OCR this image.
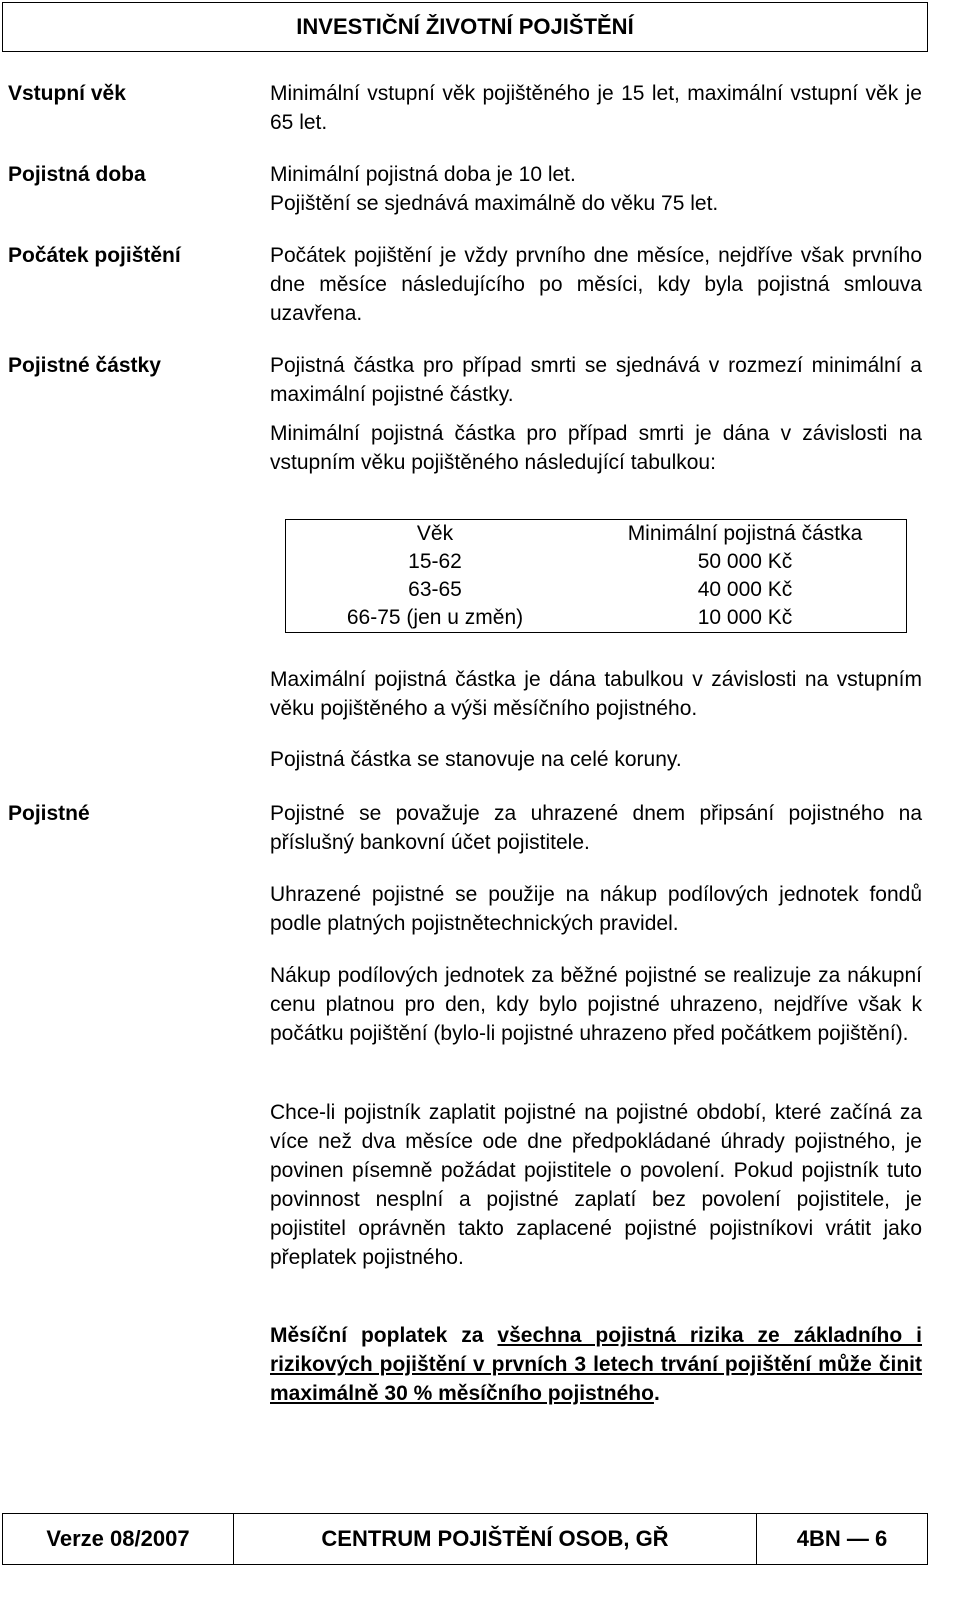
INVESTIČNÍ ŽIVOTNÍ POJIŠTĚNÍ
Vstupní věk	Minimální vstupní věk pojištěného je 15 let, maximální vstupní věk je 65 let.

Pojistná doba	Minimální pojistná doba je 10 let.

Pojištění se sjednává maximálně do věku 75 let.

Počátek pojištění	Počátek pojištění je vždy prvního dne měsíce, nejdříve však prvního dne měsíce následujícího po měsíci, kdy byla pojistná smlouva uzavřena.

Pojistné částky	Pojistná částka pro případ smrti se sjednává v rozmezí minimální a maximální pojistné částky.

Minimální pojistná částka pro případ smrti je dána v závislosti na vstupním věku pojištěného následující tabulkou:

Věk	Minimální pojistná částka
15-62	50 000 Kč
63-65	40 000 Kč
66-75 (jen u změn)	10 000 Kč

Maximální pojistná částka je dána tabulkou v závislosti na vstupním věku pojištěného a výši měsíčního pojistného.

Pojistná částka se stanovuje na celé koruny.

Pojistné	Pojistné se považuje za uhrazené dnem připsání pojistného na příslušný bankovní účet pojistitele.

Uhrazené pojistné se použije na nákup podílových jednotek fondů podle platných pojistnětechnických pravidel.

Nákup podílových jednotek za běžné pojistné se realizuje za nákupní cenu platnou pro den, kdy bylo pojistné uhrazeno, nejdříve však k počátku pojištění (bylo-li pojistné uhrazeno před počátkem pojištění).

Chce-li pojistník zaplatit pojistné na pojistné období, které začíná za více než dva měsíce ode dne předpokládané úhrady pojistného, je povinen písemně požádat pojistitele o povolení. Pokud pojistník tuto povinnost nesplní a pojistné zaplatí bez povolení pojistitele, je pojistitel oprávněn takto zaplacené pojistné pojistníkovi vrátit jako přeplatek pojistného.

Měsíční poplatek za všechna pojistná rizika ze základního i rizikových pojištění v prvních 3 letech trvání pojištění může činit maximálně 30 % měsíčního pojistného.

Verze 08/2007	CENTRUM POJIŠTĚNÍ OSOB, GŘ	4BN — 6
